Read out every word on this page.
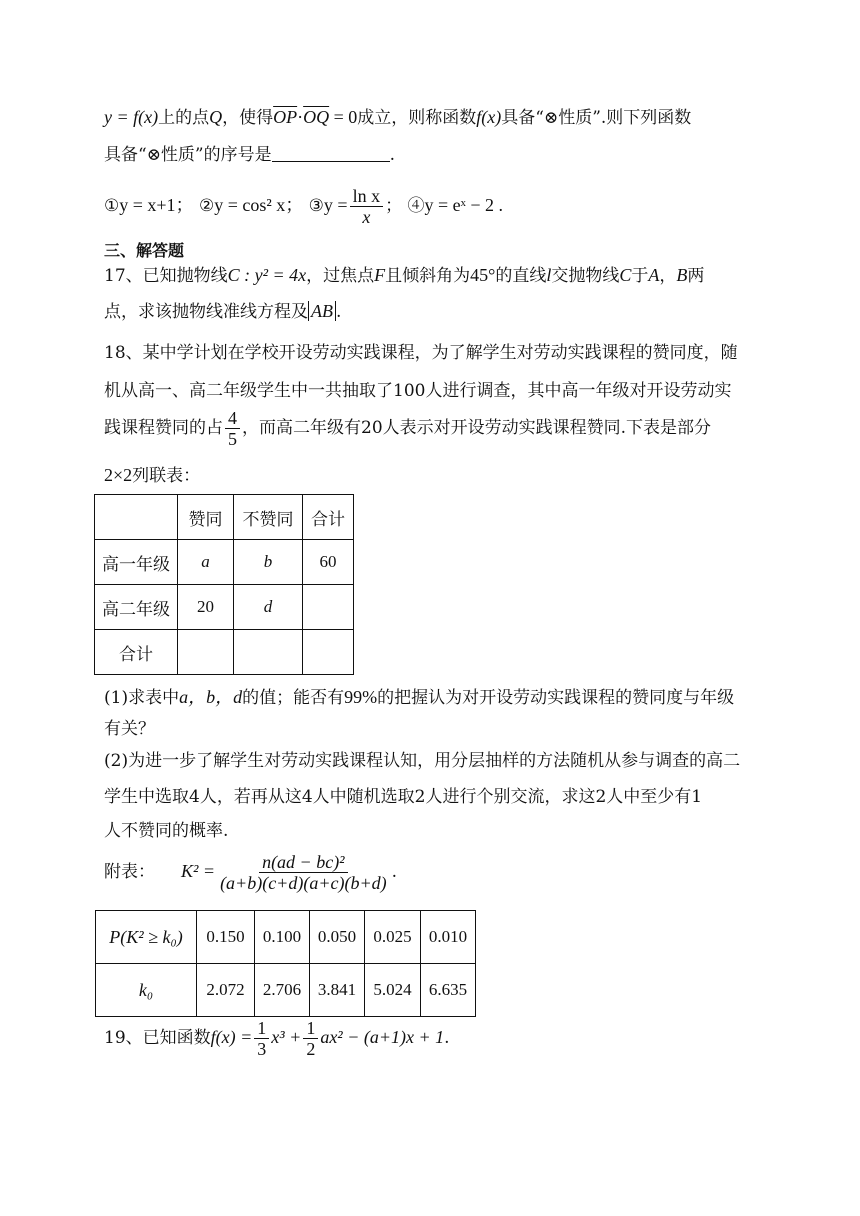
y = f(x)上的点Q，使得$\overline{OP}\cdot\overline{OQ} = 0$成立，则称函数f(x)具备“⊗性质”.则下列函数
具备“⊗性质”的序号是	.
①y = x+1； ②y = cos² x； ③y = $\frac{\text{ln x}}{x}$ ； ④y = eˣ − 2 .
三、解答题
17、已知抛物线C : y² = 4x，过焦点F且倾斜角为45°的直线l交抛物线C于A，B两
点，求该抛物线准线方程及 AB .
18、某中学计划在学校开设劳动实践课程，为了解学生对劳动实践课程的赞同度，随
机从高一、高二年级学生中一共抽取了100人进行调查，其中高一年级对开设劳动实
践课程赞同的占 $\frac{4}{5}$ ，而高二年级有20人表示对开设劳动实践课程赞同.下表是部分
2×2列联表：
	赞同	不赞同	合计
高一年级	a	b	60
高二年级	20	d	
合计			
(1)求表中a，b，d的值；能否有99%的把握认为对开设劳动实践课程的赞同度与年级
有关？
(2)为进一步了解学生对劳动实践课程认知，用分层抽样的方法随机从参与调查的高二
学生中选取4人，若再从这4人中随机选取2人进行个别交流，求这2人中至少有1
人不赞同的概率.
附表： $K^2 = \frac{\text{n(ad − bc)²}}{(a+b)(c+d)(a+c)(b+d)}$ .
P(K² ≥ k₀)	0.150	0.100	0.050	0.025	0.010
k₀	2.072	2.706	3.841	5.024	6.635
19、已知函数$f(x) = \frac{1}{3} x^3 + \frac{1}{2} ax^2 - (a+1)x + 1$.
